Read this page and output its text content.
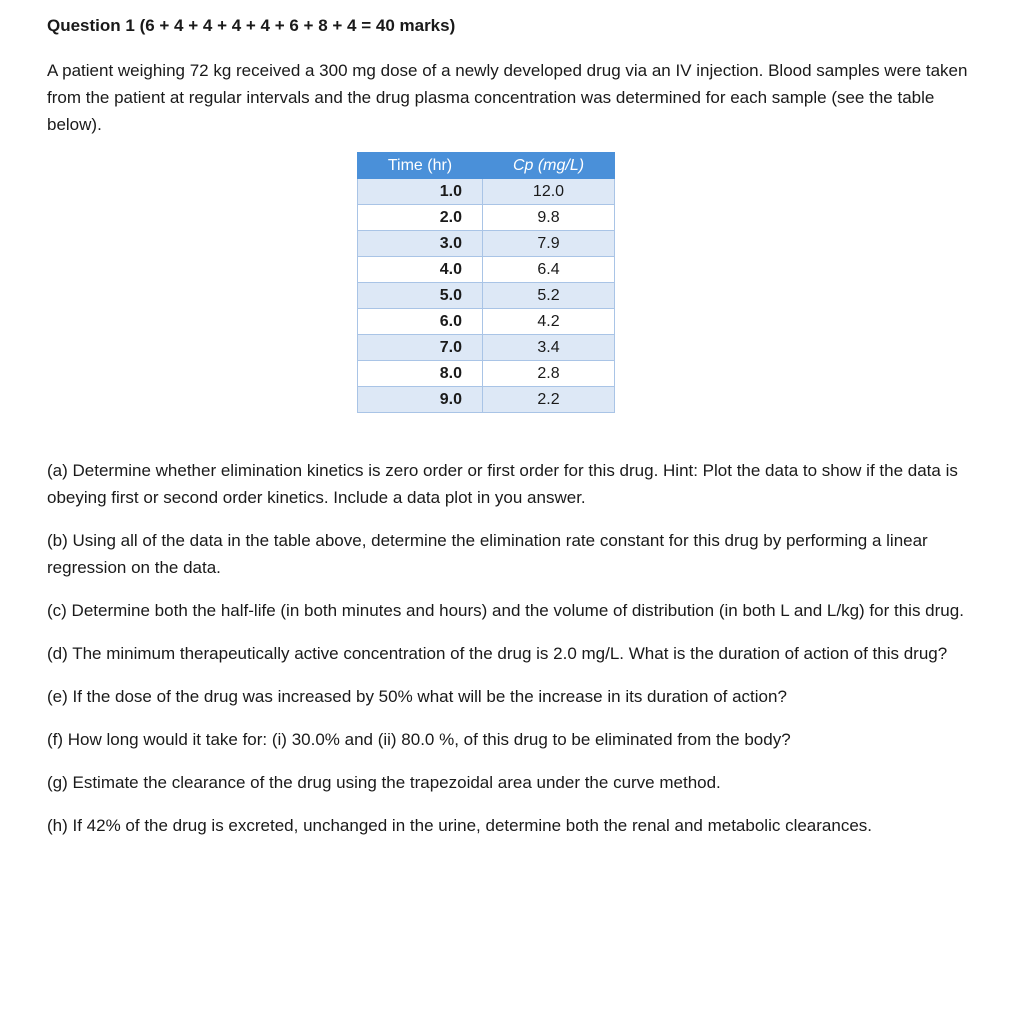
Question 1 (6 + 4 + 4 + 4 + 4 + 6 + 8 + 4 = 40 marks)

A patient weighing 72 kg received a 300 mg dose of a newly developed drug via an IV injection. Blood samples were taken from the patient at regular intervals and the drug plasma concentration was determined for each sample (see the table below).

Time (hr)	Cp (mg/L)
1.0	12.0
2.0	9.8
3.0	7.9
4.0	6.4
5.0	5.2
6.0	4.2
7.0	3.4
8.0	2.8
9.0	2.2

(a) Determine whether elimination kinetics is zero order or first order for this drug. Hint: Plot the data to show if the data is obeying first or second order kinetics. Include a data plot in you answer.

(b) Using all of the data in the table above, determine the elimination rate constant for this drug by performing a linear regression on the data.

(c) Determine both the half-life (in both minutes and hours) and the volume of distribution (in both L and L/kg) for this drug.

(d) The minimum therapeutically active concentration of the drug is 2.0 mg/L. What is the duration of action of this drug?

(e) If the dose of the drug was increased by 50% what will be the increase in its duration of action?

(f) How long would it take for: (i) 30.0% and (ii) 80.0 %, of this drug to be eliminated from the body?

(g) Estimate the clearance of the drug using the trapezoidal area under the curve method.

(h) If 42% of the drug is excreted, unchanged in the urine, determine both the renal and metabolic clearances.
